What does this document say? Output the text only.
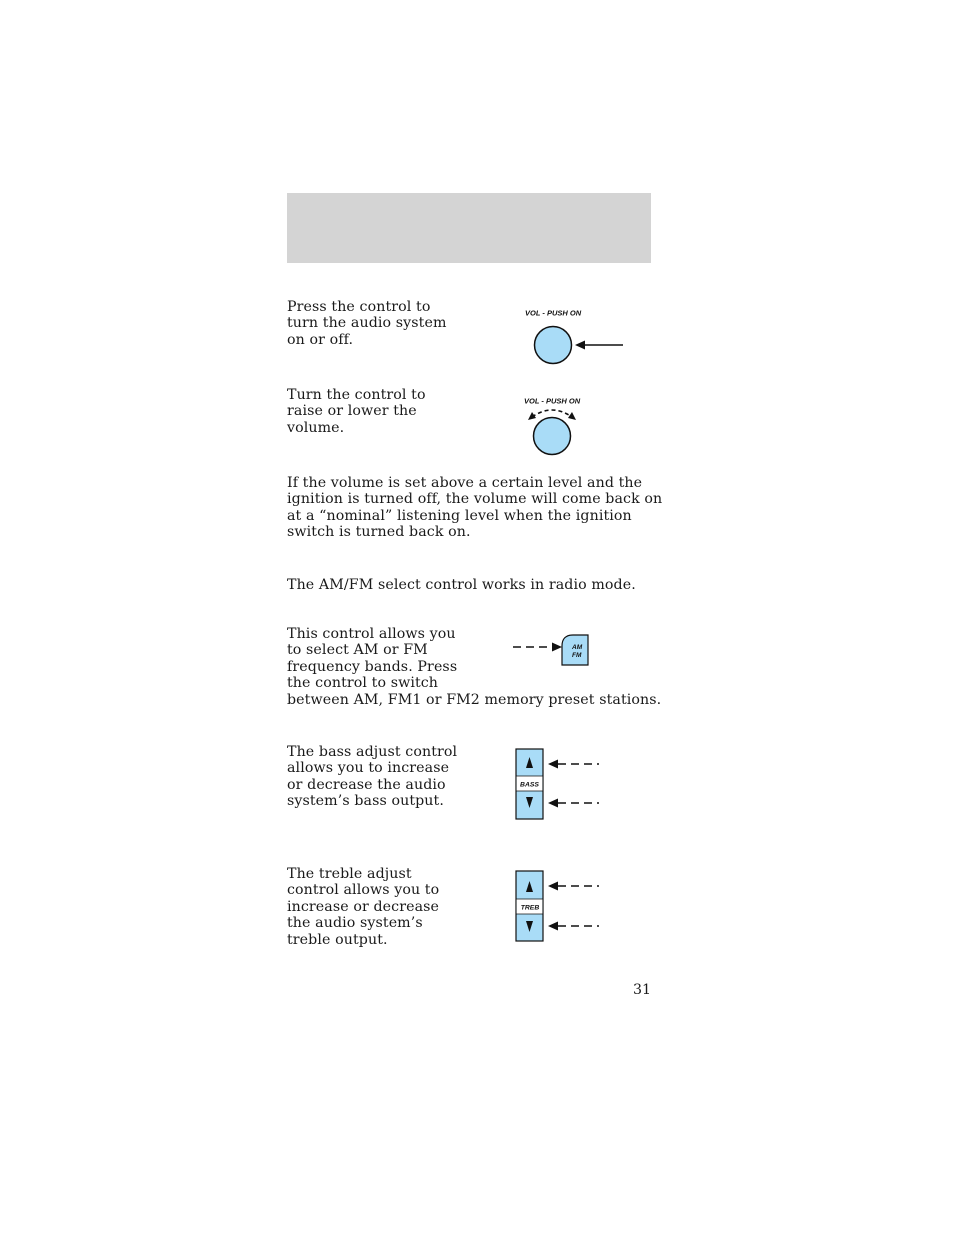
Press the control to
turn the audio system
on or off.

VOL - PUSH ON

Turn the control to
raise or lower the
volume.

VOL - PUSH ON

If the volume is set above a certain level and the
ignition is turned off, the volume will come back on
at a “nominal” listening level when the ignition
switch is turned back on.

The AM/FM select control works in radio mode.

This control allows you
to select AM or FM
frequency bands. Press
the control to switch
between AM, FM1 or FM2 memory preset stations.

AM
FM

The bass adjust control
allows you to increase
or decrease the audio
system’s bass output.

BASS

The treble adjust
control allows you to
increase or decrease
the audio system’s
treble output.

TREB
31
